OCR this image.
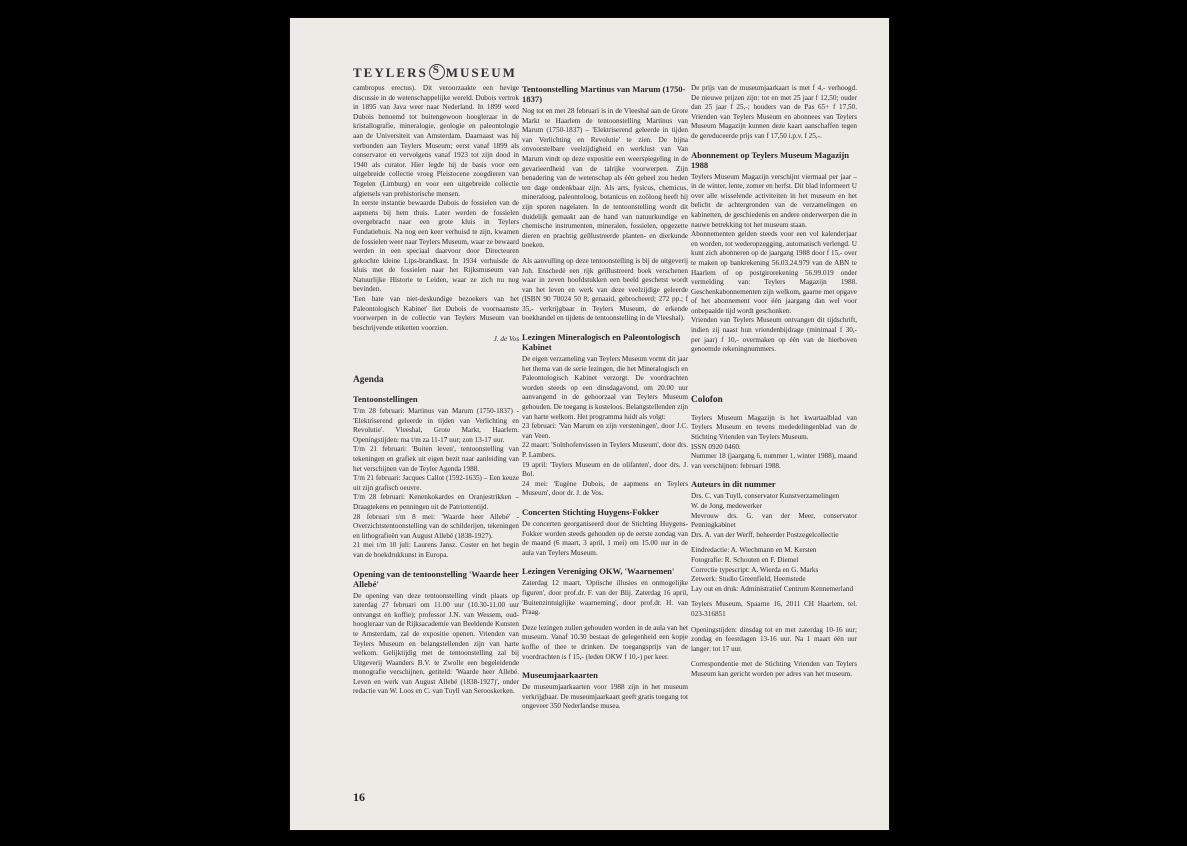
TEYLERSS MUSEUM

cambropus erectus). Dit veroorzaakte een hevige discussie in de wetenschappelijke wereld. Dubois vertrok in 1895 van Java weer naar Nederland. In 1899 werd Dubois benoemd tot buitengewoon hoogleraar in de kristallografie, mineralogie, geologie en paleontologie aan de Universiteit van Amsterdam. Daarnaast was hij verbonden aan Teylers Museum; eerst vanaf 1899 als conservator en vervolgens vanaf 1923 tot zijn dood in 1940 als curator. Hier legde hij de basis voor een uitgebreide collectie vroeg Pleistocene zoogdieren van Tegelen (Limburg) en voor een uitgebreide collectie afgietsels van prehistorische mensen.

In eerste instantie bewaarde Dubois de fossielen van de aapmens bij hem thuis. Later werden de fossielen overgebracht naar een grote kluis in Teylers Fundatiehuis. Na nog een keer verhuisd te zijn, kwamen de fossielen weer naar Teylers Museum, waar ze bewaard werden in een speciaal daarvoor door Directeuren gekochte kleine Lips-brandkast. In 1934 verhuisde de kluis met de fossielen naar het Rijksmuseum van Natuurlijke Historie te Leiden, waar ze zich nu nog bevinden.

'Een bate van niet-deskundige bezoekers van het Paleontologisch Kabinet' liet Dubois de voornaamste voorwerpen in de collectie van Teylers Museum van beschrijvende etiketten voorzien.

J. de Vos
Agenda
Tentoonstellingen

T/m 28 februari: Martinus van Marum (1750-1837) - 'Elektriserend geleerde in tijden van Verlichting en Revolutie'. Vleeshal, Grote Markt, Haarlem. Openingstijden: ma t/m za 11-17 uur; zon 13-17 uur.

T/m 21 februari: 'Buiten leven', tentoonstelling van tekeningen en grafiek uit eigen bezit naar aanleiding van het verschijnen van de Teyler Agenda 1988.

T/m 21 februari: Jacques Callot (1592-1635) – Een keuze uit zijn grafisch oeuvre.

T/m 28 februari: Kenenkokardes en Oranjestrikken – Draagtekens en penningen uit de Patriottentijd.

28 februari t/m 8 mei: 'Waarde heer Allebé' - Overzichtstentoonstelling van de schilderijen, tekeningen en lithografieën van August Allebé (1838-1927).

21 mei t/m 10 juli: Laurens Jansz. Coster en het begin van de boekdrukkunst in Europa.

Opening van de tentoonstelling 'Waarde heer Allebé'

De opening van deze tentoonstelling vindt plaats op zaterdag 27 februari om 11.00 uur (10.30-11.00 uur ontvangst en koffie); professor J.N. van Wessem, oud-hoogleraar van de Rijksacademie van Beeldende Kunsten te Amsterdam, zal de expositie openen. Vrienden van Teylers Museum en belangstellenden zijn van harte welkom. Gelijktijdig met de tentoonstelling zal bij Uitgeverij Waanders B.V. te Zwolle een begeleidende monografie verschijnen, getiteld: 'Waarde heer Allebé. Leven en werk van August Allebé (1838-1927)', onder redactie van W. Loos en C. van Tuyll van Serooskerken.

Tentoonstelling Martinus van Marum (1750-1837)

Nog tot en met 28 februari is in de Vleeshal aan de Grote Markt te Haarlem de tentoonstelling Martinus van Marum (1750-1837) – 'Elektriserend geleerde in tijden van Verlichting en Revolutie' te zien. De bijna onvoorstelbare veelzijdigheid en werklust van Van Marum vindt op deze expositie een weerspiegeling in de gevarieerdheid van de talrijke voorwerpen. Zijn benadering van de wetenschap als één geheel zou heden ten dage ondenkbaar zijn. Als arts, fysicus, chemicus, mineraloog, paleontoloog, botanicus en zoöloog heeft hij zijn sporen nagelaten. In de tentoonstelling wordt dit duidelijk gemaakt aan de hand van natuurkundige en chemische instrumenten, mineralen, fossielen, opgezette dieren en prachtig geïllustreerde planten- en dierkunde boeken.

Als aanvulling op deze tentoonstelling is bij de uitgeverij Joh. Enschedé een rijk geïllustreerd boek verschenen waar in zeven hoofdstukken een beeld geschetst wordt van het leven en werk van deze veelzijdige geleerde (ISBN 90 70024 50 8; genaaid, gebrocheerd; 272 pp.; f 35,- verkrijgbaar in Teylers Museum, de erkende boekhandel en tijdens de tentoonstelling in de Vleeshal).

Lezingen Mineralogisch en Paleontologisch Kabinet

De eigen verzameling van Teylers Museum vormt dit jaar het thema van de serie lezingen, die het Mineralogisch en Paleontologisch Kabinet verzorgt. De voordrachten worden steeds op een dinsdagavond, om 20.00 uur aanvangend in de gehoorzaal van Teylers Museum gehouden. De toegang is kosteloos. Belangstellenden zijn van harte welkom. Het programma luidt als volgt:

23 februari: 'Van Marum en zijn versteningen', door J.C. van Veen.

22 maart: 'Solnhofenvissen in Teylers Museum', door drs. P. Lambers.

19 april: 'Teylers Museum en de olifanten', door drs. J. Bol.

24 mei: 'Eugène Dubois, de aapmens en Teylers Museum', door dr. J. de Vos.

Concerten Stichting Huygens-Fokker

De concerten georganiseerd door de Stichting Huygens-Fokker worden steeds gehouden op de eerste zondag van de maand (6 maart, 3 april, 1 mei) om 15.00 uur in de aula van Teylers Museum.

Lezingen Vereniging OKW, 'Waarnemen'

Zaterdag 12 maart, 'Optische illusies en onmogelijke figuren', door prof.dr. F. van der Blij. Zaterdag 16 april, 'Buitenzintuiglijke waarneming', door prof.dr. H. van Praag.

Deze lezingen zullen gehouden worden in de aula van het museum. Vanaf 10.30 bestaat de gelegenheid een kopje koffie of thee te drinken. De toegangsprijs van de voordrachten is f 15,- (leden OKW f 10,-) per keer.

Museumjaarkaarten

De museumjaarkaarten voor 1988 zijn in het museum verkrijgbaar. De museumjaarkaart geeft gratis toegang tot ongeveer 350 Nederlandse musea.

De prijs van de museumjaarkaart is met f 4,- verhoogd. De nieuwe prijzen zijn: tot en met 25 jaar f 12,50; ouder dan 25 jaar f 25,-; houders van de Pas 65+ f 17,50. Vrienden van Teylers Museum en abonnees van Teylers Museum Magazijn kunnen deze kaart aanschaffen tegen de gereduceerde prijs van f 17,50 i.p.v. f 25,-.

Abonnement op Teylers Museum Magazijn 1988

Teylers Museum Magazijn verschijnt viermaal per jaar – in de winter, lente, zomer en herfst. Dit blad informeert U over alle wisselende activiteiten in het museum en het belicht de achtergronden van de verzamelingen en kabinetten, de geschiedenis en andere onderwerpen die in nauwe betrekking tot het museum staan.

Abonnementen gelden steeds voor een vol kalenderjaar en worden, tot wederopzegging, automatisch verlengd. U kunt zich abonneren op de jaargang 1988 door f 15,- over te maken op bankrekening 56.03.24.979 van de ABN te Haarlem of op postgirorekening 56.99.019 onder vermelding van: Teylers Magazijn 1988. Geschenkabonnementen zijn welkom, gaarne met opgave of het abonnement voor één jaargang dan wel voor onbepaalde tijd wordt geschonken.

Vrienden van Teylers Museum ontvangen dit tijdschrift, indien zij naast hun vriendenbijdrage (minimaal f 30,- per jaar) f 10,- overmaken op één van de hierboven genoemde rekeningnummers.

Colofon

Teylers Museum Magazijn is het kwartaalblad van Teylers Museum en tevens mededelingenblad van de Stichting Vrienden van Teylers Museum.

ISSN 0920 0460.

Nummer 18 (jaargang 6, nummer 1, winter 1988), maand van verschijnen: februari 1988.

Auteurs in dit nummer

Drs. C. van Tuyll, conservator Kunstverzamelingen

W. de Jong, medewerker

Mevrouw drs. G. van der Meer, conservator Penningkabinet

Drs. A. van der Werff, beheerder Postzegelcollectie

Eindredactie: A. Wiechmann en M. Kersten

Fotografie: R. Schouten en F. Diemel

Correctie typescript: A. Wierda en G. Marks

Zetwerk: Studio Greenfield, Heemstede

Lay out en druk: Administratief Centrum Kennemerland

Teylers Museum, Spaarne 16, 2011 CH Haarlem, tel. 023-316851

Openingstijden: dinsdag tot en met zaterdag 10-16 uur; zondag en feestdagen 13-16 uur. Na 1 maart één uur langer: tot 17 uur.

Correspondentie met de Stichting Vrienden van Teylers Museum kan gericht worden per adres van het museum.

16
